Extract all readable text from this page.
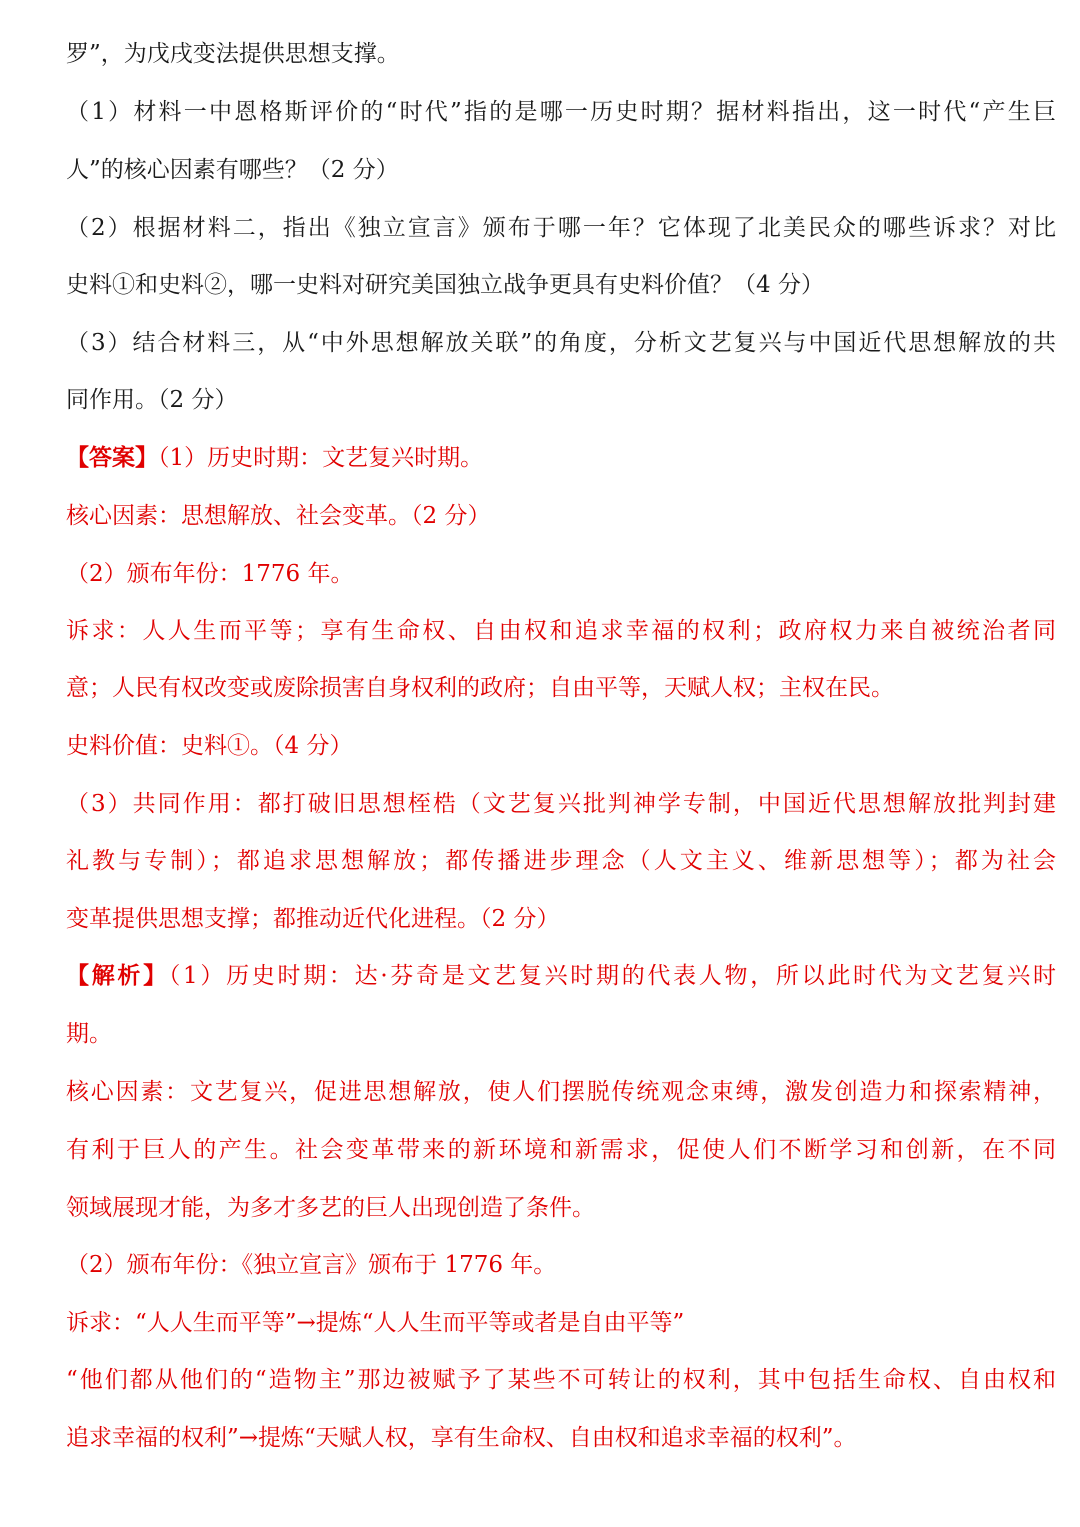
罗”，为戊戌变法提供思想支撑。
（1）材料一中恩格斯评价的“时代”指的是哪一历史时期？据材料指出，这一时代“产生巨
人”的核心因素有哪些？（2 分）
（2）根据材料二，指出《独立宣言》颁布于哪一年？它体现了北美民众的哪些诉求？对比
史料①和史料②，哪一史料对研究美国独立战争更具有史料价值？（4 分）
（3）结合材料三，从“中外思想解放关联”的角度，分析文艺复兴与中国近代思想解放的共
同作用。（2 分）
【答案】（1）历史时期：文艺复兴时期。
核心因素：思想解放、社会变革。（2 分）
（2）颁布年份：1776 年。
诉求：人人生而平等；享有生命权、自由权和追求幸福的权利；政府权力来自被统治者同
意；人民有权改变或废除损害自身权利的政府；自由平等，天赋人权；主权在民。
史料价值：史料①。（4 分）
（3）共同作用：都打破旧思想桎梏（文艺复兴批判神学专制，中国近代思想解放批判封建
礼教与专制）；都追求思想解放；都传播进步理念（人文主义、维新思想等）；都为社会
变革提供思想支撑；都推动近代化进程。（2 分）
【解析】（1）历史时期：达·芬奇是文艺复兴时期的代表人物，所以此时代为文艺复兴时
期。
核心因素：文艺复兴，促进思想解放，使人们摆脱传统观念束缚，激发创造力和探索精神，
有利于巨人的产生。社会变革带来的新环境和新需求，促使人们不断学习和创新，在不同
领域展现才能，为多才多艺的巨人出现创造了条件。
（2）颁布年份：《独立宣言》颁布于 1776 年。
诉求：“人人生而平等”→提炼“人人生而平等或者是自由平等”
“他们都从他们的“造物主”那边被赋予了某些不可转让的权利，其中包括生命权、自由权和
追求幸福的权利”→提炼“天赋人权，享有生命权、自由权和追求幸福的权利”。
